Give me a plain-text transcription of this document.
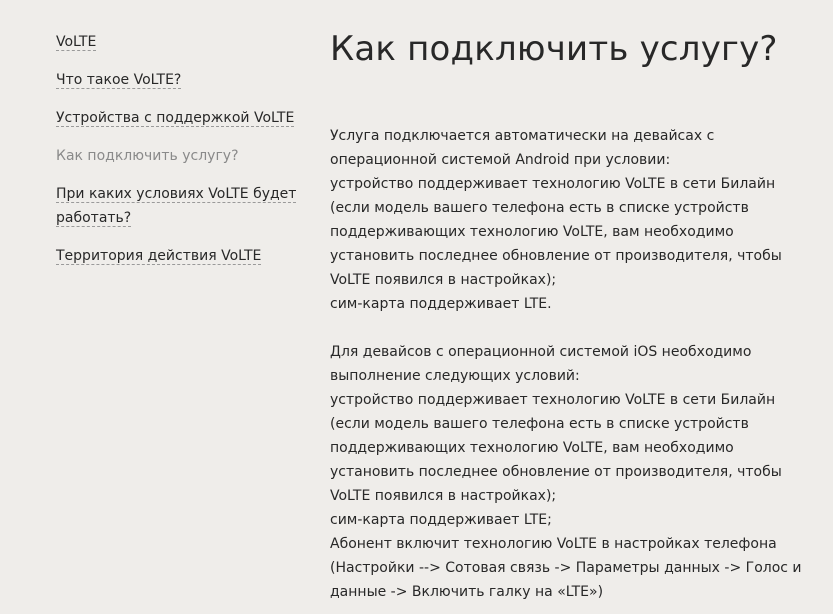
VoLTE
Что такое VoLTE?
Устройства с поддержкой VoLTE
Как подключить услугу?
При каких условиях VoLTE будет работать?
Территория действия VoLTE
Как подключить услугу?
Услуга подключается автоматически на девайсах с
операционной системой Android при условии:
устройство поддерживает технологию VoLTE в сети Билайн
(если модель вашего телефона есть в списке устройств
поддерживающих технологию VoLTE, вам необходимо
установить последнее обновление от производителя, чтобы
VoLTE появился в настройках);
сим-карта поддерживает LTE.
Для девайсов с операционной системой iOS необходимо
выполнение следующих условий:
устройство поддерживает технологию VoLTE в сети Билайн
(если модель вашего телефона есть в списке устройств
поддерживающих технологию VoLTE, вам необходимо
установить последнее обновление от производителя, чтобы
VoLTE появился в настройках);
сим-карта поддерживает LTE;
Абонент включит технологию VoLTE в настройках телефона
(Настройки --> Сотовая связь -> Параметры данных -> Голос и
данные -> Включить галку на «LTE»)
